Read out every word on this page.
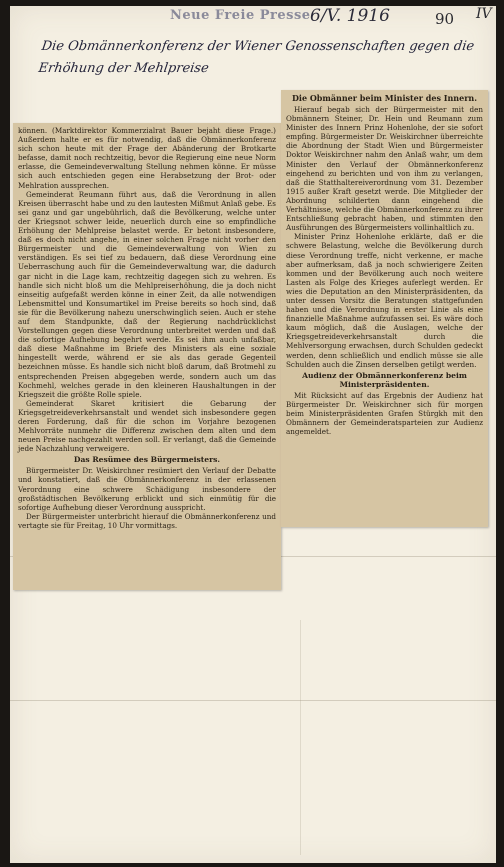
Neue Freie Presse 6/V. 1916	90 IV
Die Obmännerkonferenz der Wiener Genossenschaften gegen die Erhöhung der Mehlpreise

können. (Marktdirektor Kommerzialrat Bauer bejaht diese Frage.) Außerdem halte er es für notwendig, daß die Obmännerkonferenz sich schon heute mit der Frage der Abänderung der Brotkarte befasse, damit noch rechtzeitig, bevor die Regierung eine neue Norm erlasse, die Gemeindeverwaltung Stellung nehmen könne. Er müsse sich auch entschieden gegen eine Herabsetzung der Brot- oder Mehlration aussprechen.

Gemeinderat Reumann führt aus, daß die Verordnung in allen Kreisen überrascht habe und zu den lautesten Mißmut Anlaß gebe. Es sei ganz und gar ungebührlich, daß die Bevölkerung, welche unter der Kriegsnot schwer leide, neuerlich durch eine so empfindliche Erhöhung der Mehlpreise belastet werde. Er betont insbesondere, daß es doch nicht angehe, in einer solchen Frage nicht vorher den Bürgermeister und die Gemeindeverwaltung von Wien zu verständigen. Es sei tief zu bedauern, daß diese Verordnung eine Ueberraschung auch für die Gemeindeverwaltung war, die dadurch gar nicht in die Lage kam, rechtzeitig dagegen sich zu wehren. Es handle sich nicht bloß um die Mehlpreiserhöhung, die ja doch nicht einseitig aufgefaßt werden könne in einer Zeit, da alle notwendigen Lebensmittel und Konsumartikel im Preise bereits so hoch sind, daß sie für die Bevölkerung nahezu unerschwinglich seien. Auch er stehe auf dem Standpunkte, daß der Regierung nachdrücklichst Vorstellungen gegen diese Verordnung unterbreitet werden und daß die sofortige Aufhebung begehrt werde. Es sei ihm auch unfaßbar, daß diese Maßnahme im Briefe des Ministers als eine soziale hingestellt werde, während er sie als das gerade Gegenteil bezeichnen müsse. Es handle sich nicht bloß darum, daß Brotmehl zu entsprechenden Preisen abgegeben werde, sondern auch um das Kochmehl, welches gerade in den kleineren Haushaltungen in der Kriegszeit die größte Rolle spiele.

Gemeinderat Skaret kritisiert die Gebarung der Kriegsgetreideverkehrsanstalt und wendet sich insbesondere gegen deren Forderung, daß für die schon im Vorjahre bezogenen Mehlvorräte nunmehr die Differenz zwischen dem alten und dem neuen Preise nachgezahlt werden soll. Er verlangt, daß die Gemeinde jede Nachzahlung verweigere.

Das Resümee des Bürgermeisters.

Bürgermeister Dr. Weiskirchner resümiert den Verlauf der Debatte und konstatiert, daß die Obmännerkonferenz in der erlassenen Verordnung eine schwere Schädigung insbesondere der großstädtischen Bevölkerung erblickt und sich einmütig für die sofortige Aufhebung dieser Verordnung ausspricht.

Der Bürgermeister unterbricht hierauf die Obmännerkonferenz und vertagte sie für Freitag, 10 Uhr vormittags.

Die Obmänner beim Minister des Innern.

Hierauf begab sich der Bürgermeister mit den Obmännern Steiner, Dr. Hein und Reumann zum Minister des Innern Prinz Hohenlohe, der sie sofort empfing. Bürgermeister Dr. Weiskirchner überreichte die Abordnung der Stadt Wien und Bürgermeister Doktor Weiskirchner nahm den Anlaß wahr, um dem Minister den Verlauf der Obmännerkonferenz eingehend zu berichten und von ihm zu verlangen, daß die Statthaltereiverordnung vom 31. Dezember 1915 außer Kraft gesetzt werde. Die Mitglieder der Abordnung schilderten dann eingehend die Verhältnisse, welche die Obmännerkonferenz zu ihrer Entschließung gebracht haben, und stimmten den Ausführungen des Bürgermeisters vollinhaltlich zu.

Minister Prinz Hohenlohe erklärte, daß er die schwere Belastung, welche die Bevölkerung durch diese Verordnung treffe, nicht verkenne, er mache aber aufmerksam, daß ja noch schwierigere Zeiten kommen und der Bevölkerung auch noch weitere Lasten als Folge des Krieges auferlegt werden. Er wies die Deputation an den Ministerpräsidenten, da unter dessen Vorsitz die Beratungen stattgefunden haben und die Verordnung in erster Linie als eine finanzielle Maßnahme aufzufassen sei. Es wäre doch kaum möglich, daß die Auslagen, welche der Kriegsgetreideverkehrsanstalt durch die Mehlversorgung erwachsen, durch Schulden gedeckt werden, denn schließlich und endlich müsse sie alle Schulden auch die Zinsen derselben getilgt werden.

Audienz der Obmännerkonferenz beim Ministerpräsidenten.

Mit Rücksicht auf das Ergebnis der Audienz hat Bürgermeister Dr. Weiskirchner sich für morgen beim Ministerpräsidenten Grafen Stürgkh mit den Obmännern der Gemeinderatsparteien zur Audienz angemeldet.
